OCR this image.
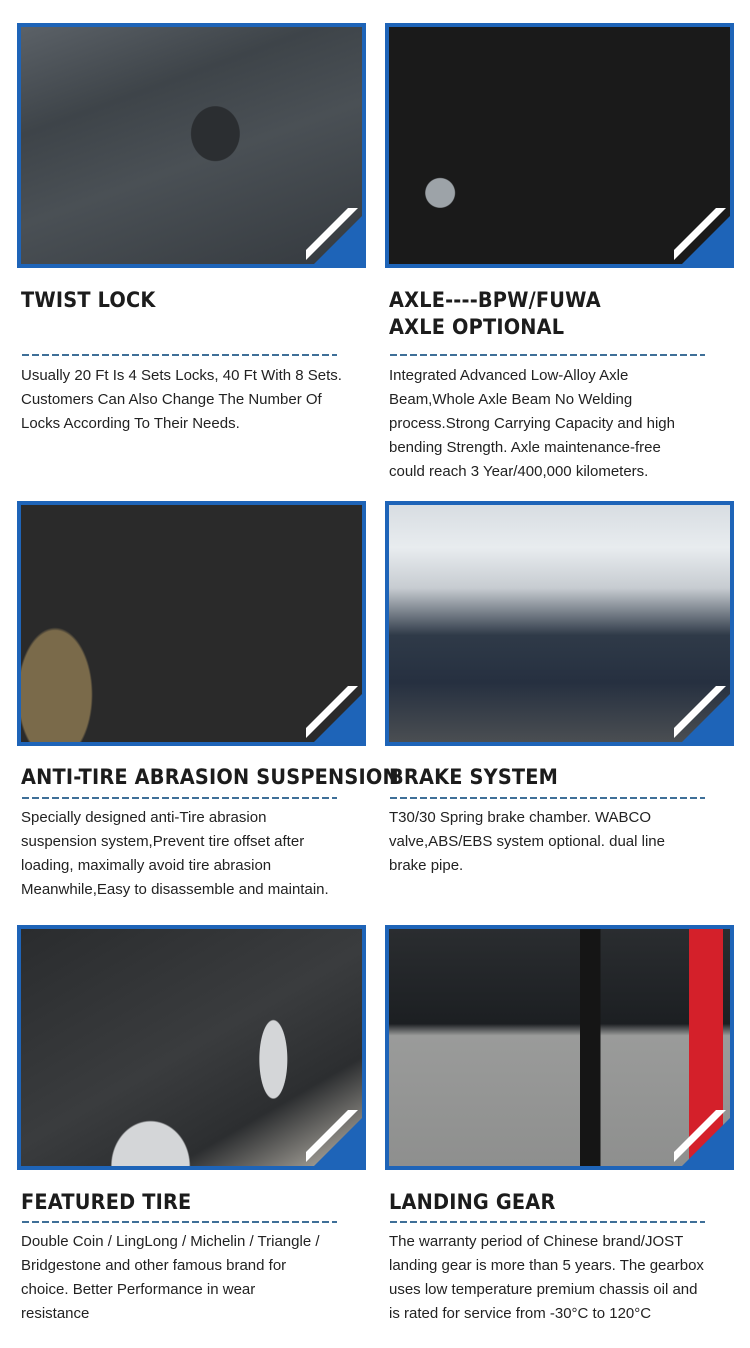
TWIST LOCK
Usually 20 Ft Is 4 Sets Locks, 40 Ft With 8 Sets.
Customers Can Also Change The Number Of
Locks According To Their Needs.
AXLE----BPW/FUWA
AXLE OPTIONAL
Integrated Advanced Low-Alloy Axle
Beam,Whole Axle Beam No Welding
process.Strong Carrying Capacity and high
bending Strength. Axle maintenance-free
could reach 3 Year/400,000 kilometers.
ANTI-TIRE ABRASION SUSPENSION
Specially designed anti-Tire abrasion
suspension system,Prevent tire offset after
loading, maximally avoid tire abrasion
Meanwhile,Easy to disassemble and maintain.
BRAKE SYSTEM
T30/30 Spring brake chamber. WABCO
valve,ABS/EBS system optional. dual line
brake pipe.
FEATURED TIRE
Double Coin / LingLong / Michelin / Triangle /
Bridgestone and other famous brand for
choice. Better Performance in wear
resistance
LANDING GEAR
The warranty period of Chinese brand/JOST
landing gear is more than 5 years. The gearbox
uses low temperature premium chassis oil and
is rated for service from -30°C to 120°C
